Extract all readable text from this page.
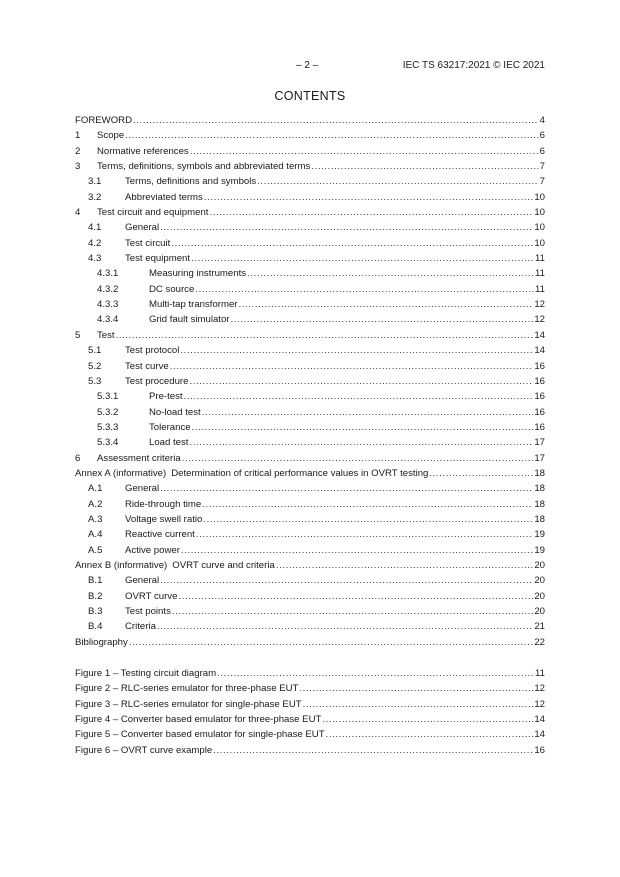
– 2 –	IEC TS 63217:2021 © IEC 2021
CONTENTS
FOREWORD .....	4
1	Scope .....	6
2	Normative references .....	6
3	Terms, definitions, symbols and abbreviated terms .....	7
3.1	Terms, definitions and symbols .....	7
3.2	Abbreviated terms .....	10
4	Test circuit and equipment .....	10
4.1	General .....	10
4.2	Test circuit .....	10
4.3	Test equipment .....	11
4.3.1	Measuring instruments .....	11
4.3.2	DC source .....	11
4.3.3	Multi-tap transformer .....	12
4.3.4	Grid fault simulator .....	12
5	Test .....	14
5.1	Test protocol .....	14
5.2	Test curve .....	16
5.3	Test procedure .....	16
5.3.1	Pre-test .....	16
5.3.2	No-load test .....	16
5.3.3	Tolerance .....	16
5.3.4	Load test .....	17
6	Assessment criteria .....	17
Annex A (informative) Determination of critical performance values in OVRT testing .....	18
A.1	General .....	18
A.2	Ride-through time .....	18
A.3	Voltage swell ratio .....	18
A.4	Reactive current .....	19
A.5	Active power .....	19
Annex B (informative) OVRT curve and criteria .....	20
B.1	General .....	20
B.2	OVRT curve .....	20
B.3	Test points .....	20
B.4	Criteria .....	21
Bibliography .....	22
Figure 1 – Testing circuit diagram .....	11
Figure 2 – RLC-series emulator for three-phase EUT .....	12
Figure 3 – RLC-series emulator for single-phase EUT .....	12
Figure 4 – Converter based emulator for three-phase EUT .....	14
Figure 5 – Converter based emulator for single-phase EUT .....	14
Figure 6 – OVRT curve example .....	16
